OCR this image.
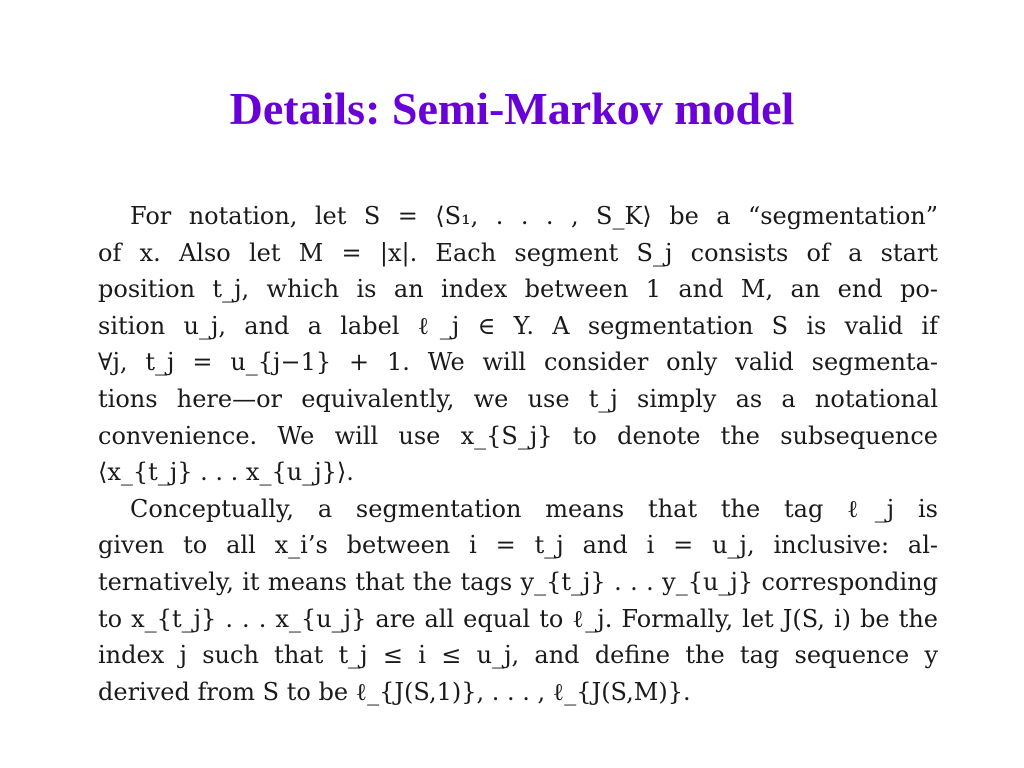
Details: Semi-Markov model
For notation, let S = ⟨S₁, . . . , S_K⟩ be a “segmentation”
of x. Also let M = |x|. Each segment S_j consists of a start
position t_j, which is an index between 1 and M, an end po-
sition u_j, and a label ℓ_j ∈ Y. A segmentation S is valid if
∀j, t_j = u_{j−1} + 1. We will consider only valid segmenta-
tions here—or equivalently, we use t_j simply as a notational
convenience. We will use x_{S_j} to denote the subsequence
⟨x_{t_j} . . . x_{u_j}⟩.
Conceptually, a segmentation means that the tag ℓ_j is
given to all x_i’s between i = t_j and i = u_j, inclusive: al-
ternatively, it means that the tags y_{t_j} . . . y_{u_j} corresponding
to x_{t_j} . . . x_{u_j} are all equal to ℓ_j. Formally, let J(S, i) be the
index j such that t_j ≤ i ≤ u_j, and define the tag sequence y
derived from S to be ℓ_{J(S,1)}, . . . , ℓ_{J(S,M)}.
